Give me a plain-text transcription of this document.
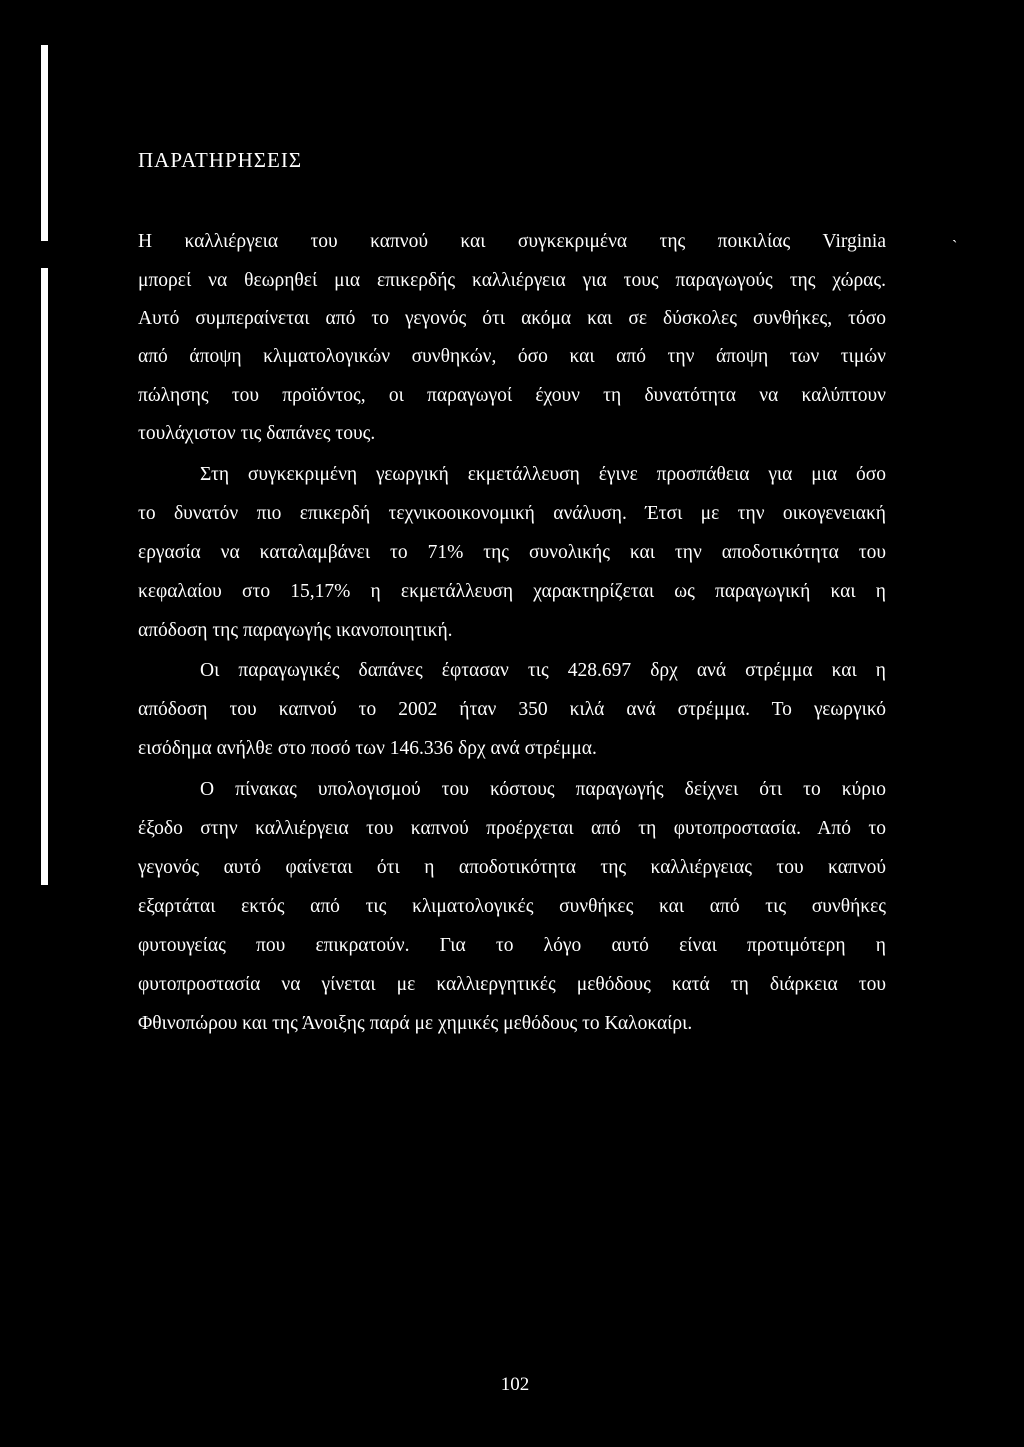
ΠΑΡΑΤΗΡΗΣΕΙΣ
ˋ
Η καλλιέργεια του καπνού και συγκεκριμένα της ποικιλίας Virginia
μπορεί να θεωρηθεί μια επικερδής καλλιέργεια για τους παραγωγούς της χώρας.
Αυτό συμπεραίνεται από το γεγονός ότι ακόμα και σε δύσκολες συνθήκες, τόσο
από άποψη κλιματολογικών συνθηκών, όσο και από την άποψη των τιμών
πώλησης του προϊόντος, οι παραγωγοί έχουν τη δυνατότητα να καλύπτουν
τουλάχιστον τις δαπάνες τους.
Στη συγκεκριμένη γεωργική εκμετάλλευση έγινε προσπάθεια για μια όσο
το δυνατόν πιο επικερδή τεχνικοοικονομική ανάλυση. Έτσι με την οικογενειακή
εργασία να καταλαμβάνει το 71% της συνολικής και την αποδοτικότητα του
κεφαλαίου στο 15,17% η εκμετάλλευση χαρακτηρίζεται ως παραγωγική και η
απόδοση της παραγωγής ικανοποιητική.
Οι παραγωγικές δαπάνες έφτασαν τις 428.697 δρχ ανά στρέμμα και η
απόδοση του καπνού το 2002 ήταν 350 κιλά ανά στρέμμα. Το γεωργικό
εισόδημα ανήλθε στο ποσό των 146.336 δρχ ανά στρέμμα.
Ο πίνακας υπολογισμού του κόστους παραγωγής δείχνει ότι το κύριο
έξοδο στην καλλιέργεια του καπνού προέρχεται από τη φυτοπροστασία. Από το
γεγονός αυτό φαίνεται ότι η αποδοτικότητα της καλλιέργειας του καπνού
εξαρτάται εκτός από τις κλιματολογικές συνθήκες και από τις συνθήκες
φυτουγείας που επικρατούν. Για το λόγο αυτό είναι προτιμότερη η
φυτοπροστασία να γίνεται με καλλιεργητικές μεθόδους κατά τη διάρκεια του
Φθινοπώρου και της Άνοιξης παρά με χημικές μεθόδους το Καλοκαίρι.
102
